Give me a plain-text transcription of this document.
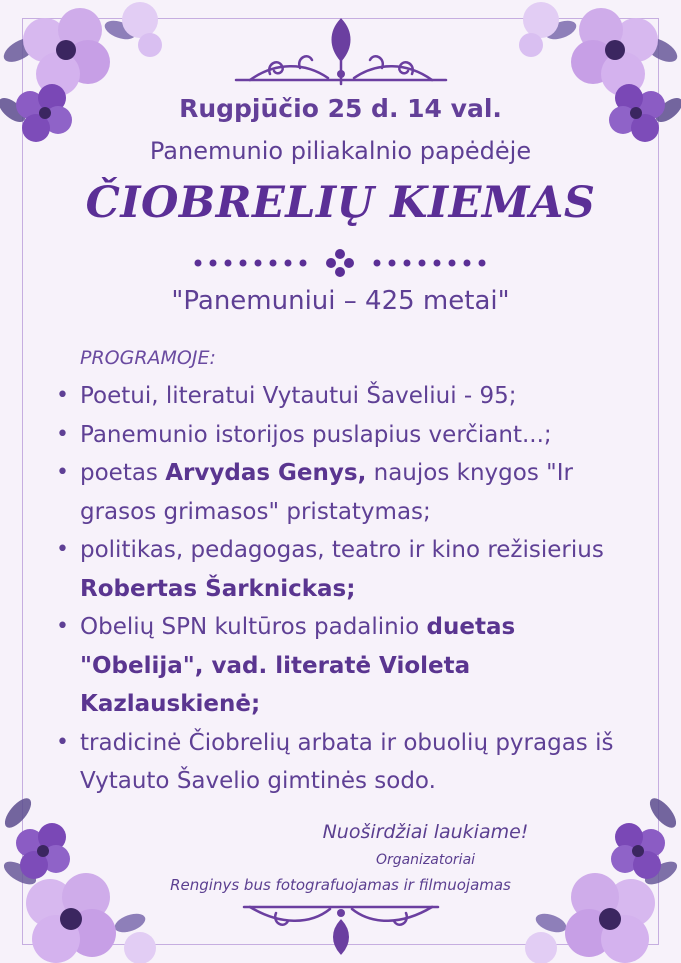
Rugpjūčio 25 d. 14 val.
Panemunio piliakalnio papėdėje
ČIOBRELIŲ KIEMAS
"Panemuniui – 425 metai"
PROGRAMOJE:
• Poetui, literatui Vytautui Šaveliui - 95;
• Panemunio istorijos puslapius verčiant...;
• poetas Arvydas Genys, naujos knygos "Ir grasos grimasos" pristatymas;
• politikas, pedagogas, teatro ir kino režisierius Robertas Šarknickas;
• Obelių SPN kultūros padalinio duetas "Obelija", vad. literatė Violeta Kazlauskienė;
• tradicinė Čiobrelių arbata ir obuolių pyragas iš Vytauto Šavelio gimtinės sodo.
Nuoširdžiai laukiame!
Organizatoriai
Renginys bus fotografuojamas ir filmuojamas
